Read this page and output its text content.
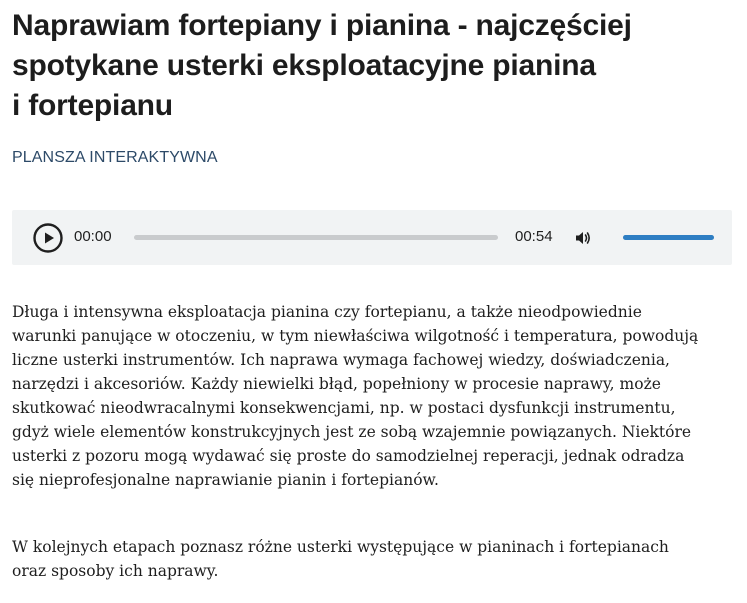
Naprawiam fortepiany i pianina - najczęściej
spotykane usterki eksploatacyjne pianina
i fortepianu
PLANSZA INTERAKTYWNA
00:00	00:54

Długa i intensywna eksploatacja pianina czy fortepianu, a także nieodpowiednie
warunki panujące w otoczeniu, w tym niewłaściwa wilgotność i temperatura, powodują
liczne usterki instrumentów. Ich naprawa wymaga fachowej wiedzy, doświadczenia,
narzędzi i akcesoriów. Każdy niewielki błąd, popełniony w procesie naprawy, może
skutkować nieodwracalnymi konsekwencjami, np. w postaci dysfunkcji instrumentu,
gdyż wiele elementów konstrukcyjnych jest ze sobą wzajemnie powiązanych. Niektóre
usterki z pozoru mogą wydawać się proste do samodzielnej reperacji, jednak odradza
się nieprofesjonalne naprawianie pianin i fortepianów.

W kolejnych etapach poznasz różne usterki występujące w pianinach i fortepianach
oraz sposoby ich naprawy.
